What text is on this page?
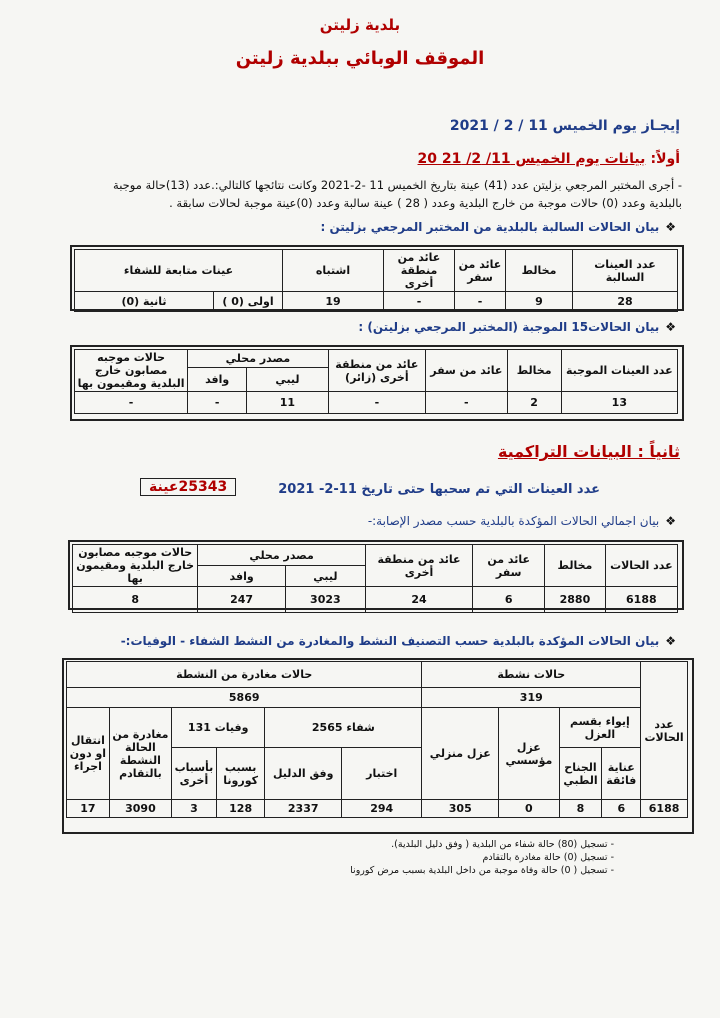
بلدية زليتن
الموقف الوبائي ببلدية زليتن
إيجـاز يوم الخميس 11 / 2 / 2021
أولاً: بيانات يوم الخميس 11/ 2/ 21 20
- أجرى المختبر المرجعي بزليتن عدد (41) عينة بتاريخ الخميس 11 -2-2021 وكانت نتائجها كالتالي:.عدد (13)حالة موجبة
بالبلدية وعدد (0) حالات موجبة من خارج البلدية وعدد ( 28 ) عينة سالبة وعدد (0)عينة موجبة لحالات سابقة .
❖بيان الحالات السالبة بالبلدية من المختبر المرجعي بزليتن :
عدد العينات السالبة	مخالط	عائد من سفر	عائد من منطقة أخرى	اشتباه	عينات متابعة للشفاء	
28	9	-	-	19	اولى (0 )	ثانية (0)
❖بيان الحالات15 الموجبة (المختبر المرجعي بزليتن) :
عدد العينات الموجبة	مخالط	عائد من سفر	عائد من منطقة أخرى (زائر)	مصدر محلي		حالات موجبه مصابون خارج البلدية ومقيمون بها
				ليبي	وافد	
13	2	-	-	11	-	-
ثانياً : البيانات التراكمية
عدد العينات التي تم سحبها حتى تاريخ 11-2- 2021
25343عينة
❖بيان اجمالي الحالات المؤكدة بالبلدية حسب مصدر الإصابة:-
عدد الحالات	مخالط	عائد من سفر	عائد من منطقة أخرى	مصدر محلي		حالات موجبه مصابون خارج البلدية ومقيمون بها
				ليبي	وافد	
6188	2880	6	24	3023	247	8
❖بيان الحالات المؤكدة بالبلدية حسب التصنيف النشط والمغادرة من النشط الشفاء - الوفيات:-
عدد الحالات	حالات نشطة				حالات مغادرة من النشطة					
	319				5869					
	إيواء بقسم العزل		عزل مؤسسي	عزل منزلي	شفاء 2565		وفيات 131		مغادرة من الحالة النشطة بالتقادم	انتقال او دون اجراء
	عناية فائقة	الجناح الطبي			اختبار	وفق الدليل	بسبب كورونا	بأسباب أخرى		

6188	6	8	0	305	294	2337	128	3	3090	17
- تسجيل (80) حالة شفاء من البلدية ( وفق دليل البلدية).
- تسجيل (0) حالة مغادرة بالتقادم
- تسجيل ( 0) حالة وفاة موجبة من داخل البلدية بسبب مرض كورونا
